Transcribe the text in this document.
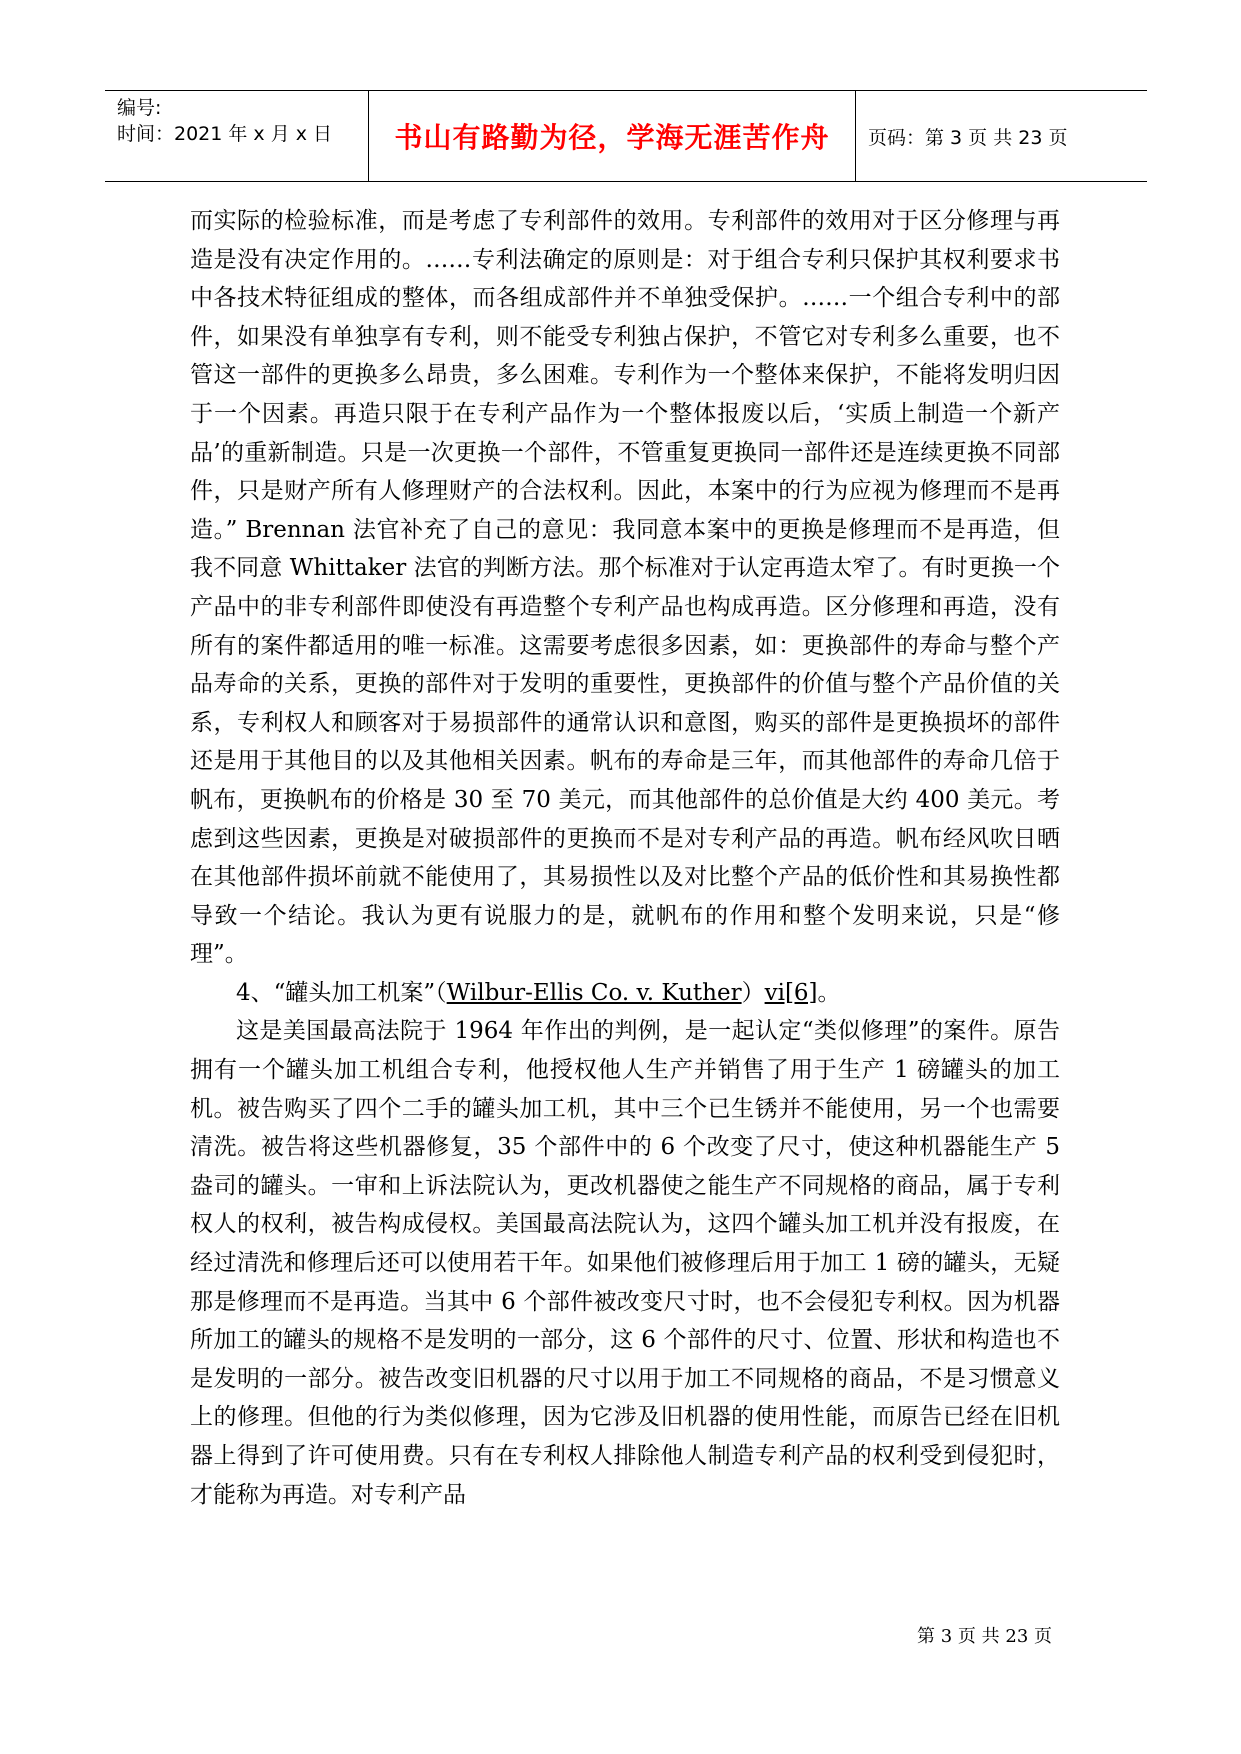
编号:
时间：2021 年 x 月 x 日 书山有路勤为径，学海无涯苦作舟 页码：第 3 页 共 23 页

而实际的检验标准，而是考虑了专利部件的效用。专利部件的效用对于区分修理与再造是没有决定作用的。……专利法确定的原则是：对于组合专利只保护其权利要求书中各技术特征组成的整体，而各组成部件并不单独受保护。……一个组合专利中的部件，如果没有单独享有专利，则不能受专利独占保护，不管它对专利多么重要，也不管这一部件的更换多么昂贵，多么困难。专利作为一个整体来保护，不能将发明归因于一个因素。再造只限于在专利产品作为一个整体报废以后，‘实质上制造一个新产品’的重新制造。只是一次更换一个部件，不管重复更换同一部件还是连续更换不同部件，只是财产所有人修理财产的合法权利。因此，本案中的行为应视为修理而不是再造。” Brennan 法官补充了自己的意见：我同意本案中的更换是修理而不是再造，但我不同意 Whittaker 法官的判断方法。那个标准对于认定再造太窄了。有时更换一个产品中的非专利部件即使没有再造整个专利产品也构成再造。区分修理和再造，没有所有的案件都适用的唯一标准。这需要考虑很多因素，如：更换部件的寿命与整个产品寿命的关系，更换的部件对于发明的重要性，更换部件的价值与整个产品价值的关系，专利权人和顾客对于易损部件的通常认识和意图，购买的部件是更换损坏的部件还是用于其他目的以及其他相关因素。帆布的寿命是三年，而其他部件的寿命几倍于帆布，更换帆布的价格是 30 至 70 美元，而其他部件的总价值是大约 400 美元。考虑到这些因素，更换是对破损部件的更换而不是对专利产品的再造。帆布经风吹日晒在其他部件损坏前就不能使用了，其易损性以及对比整个产品的低价性和其易换性都导致一个结论。我认为更有说服力的是，就帆布的作用和整个发明来说，只是“修理”。

4、“罐头加工机案”（Wilbur-Ellis Co. v. Kuther）vi[6]。

这是美国最高法院于 1964 年作出的判例，是一起认定“类似修理”的案件。原告拥有一个罐头加工机组合专利，他授权他人生产并销售了用于生产 1 磅罐头的加工机。被告购买了四个二手的罐头加工机，其中三个已生锈并不能使用，另一个也需要清洗。被告将这些机器修复，35 个部件中的 6 个改变了尺寸，使这种机器能生产 5 盎司的罐头。一审和上诉法院认为，更改机器使之能生产不同规格的商品，属于专利权人的权利，被告构成侵权。美国最高法院认为，这四个罐头加工机并没有报废，在经过清洗和修理后还可以使用若干年。如果他们被修理后用于加工 1 磅的罐头，无疑那是修理而不是再造。当其中 6 个部件被改变尺寸时，也不会侵犯专利权。因为机器所加工的罐头的规格不是发明的一部分，这 6 个部件的尺寸、位置、形状和构造也不是发明的一部分。被告改变旧机器的尺寸以用于加工不同规格的商品，不是习惯意义上的修理。但他的行为类似修理，因为它涉及旧机器的使用性能，而原告已经在旧机器上得到了许可使用费。只有在专利权人排除他人制造专利产品的权利受到侵犯时，才能称为再造。对专利产品

第 3 页 共 23 页
